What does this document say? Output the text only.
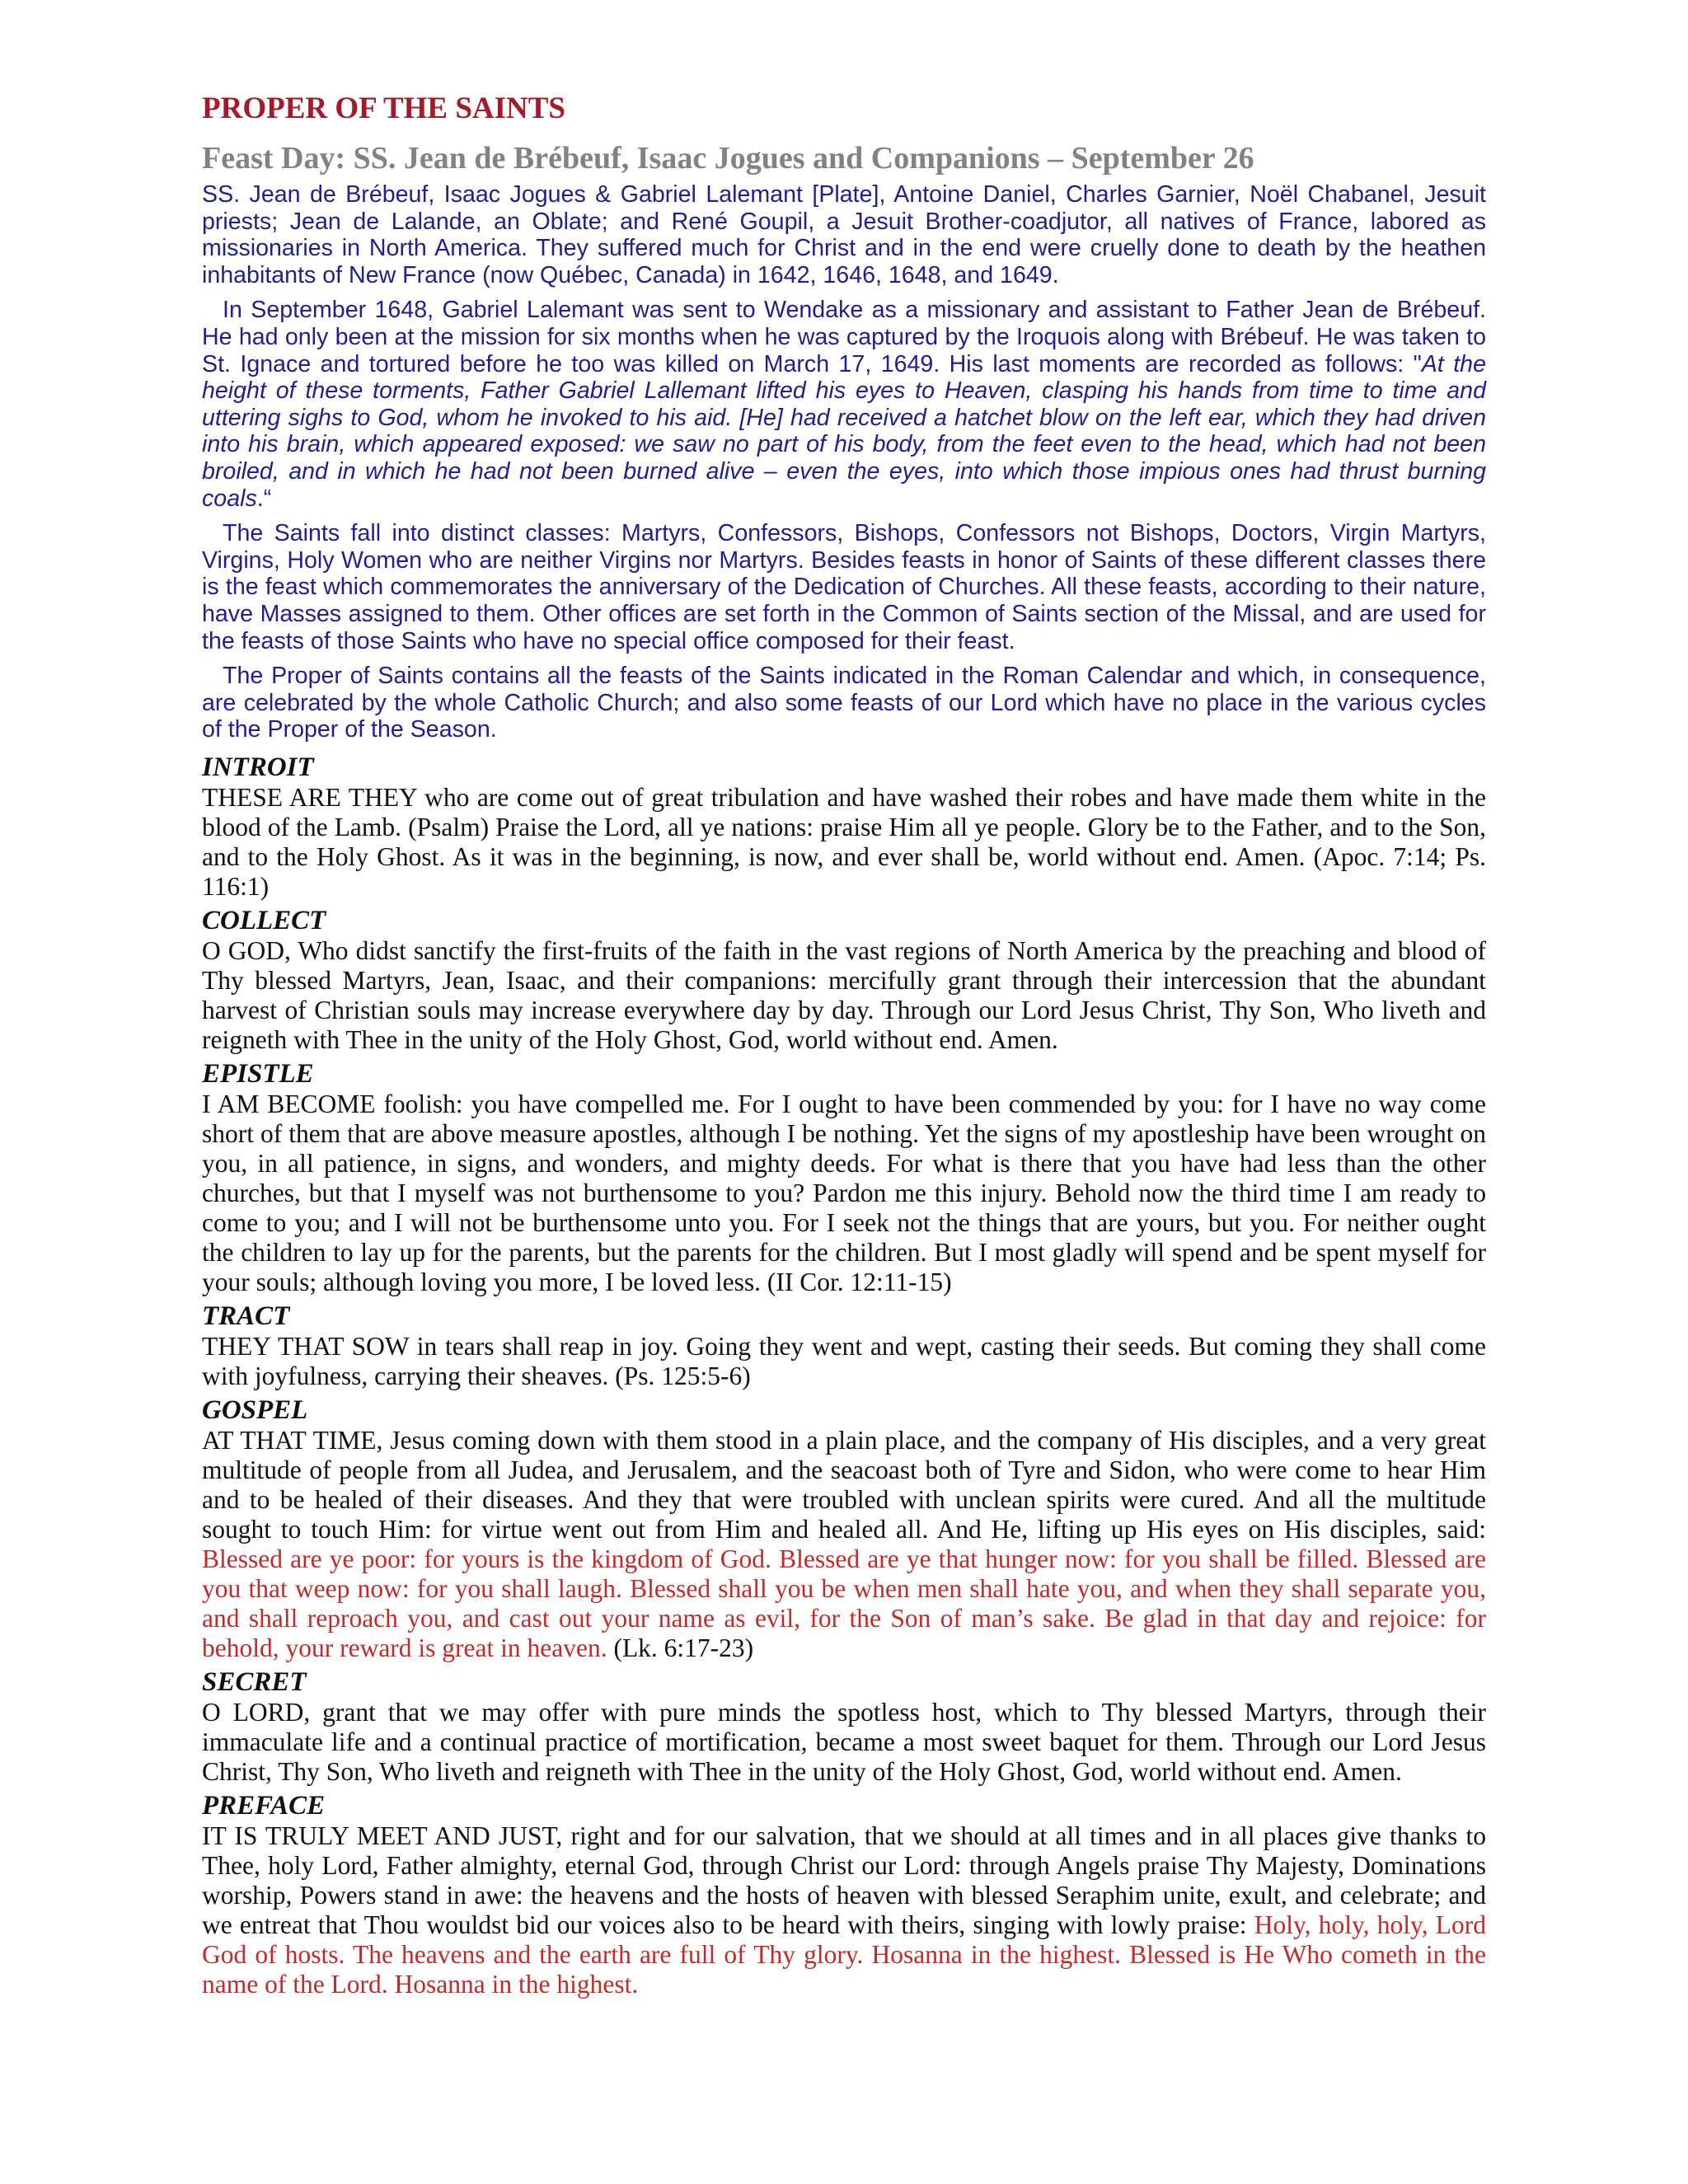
PROPER OF THE SAINTS
Feast Day: SS. Jean de Brébeuf, Isaac Jogues and Companions – September 26

SS. Jean de Brébeuf, Isaac Jogues & Gabriel Lalemant [Plate], Antoine Daniel, Charles Garnier, Noël Chabanel, Jesuit priests; Jean de Lalande, an Oblate; and René Goupil, a Jesuit Brother-coadjutor, all natives of France, labored as missionaries in North America. They suffered much for Christ and in the end were cruelly done to death by the heathen inhabitants of New France (now Québec, Canada) in 1642, 1646, 1648, and 1649.

In September 1648, Gabriel Lalemant was sent to Wendake as a missionary and assistant to Father Jean de Brébeuf. He had only been at the mission for six months when he was captured by the Iroquois along with Brébeuf. He was taken to St. Ignace and tortured before he too was killed on March 17, 1649. His last moments are recorded as follows: "At the height of these torments, Father Gabriel Lallemant lifted his eyes to Heaven, clasping his hands from time to time and uttering sighs to God, whom he invoked to his aid. [He] had received a hatchet blow on the left ear, which they had driven into his brain, which appeared exposed: we saw no part of his body, from the feet even to the head, which had not been broiled, and in which he had not been burned alive – even the eyes, into which those impious ones had thrust burning coals.“

The Saints fall into distinct classes: Martyrs, Confessors, Bishops, Confessors not Bishops, Doctors, Virgin Martyrs, Virgins, Holy Women who are neither Virgins nor Martyrs. Besides feasts in honor of Saints of these different classes there is the feast which commemorates the anniversary of the Dedication of Churches. All these feasts, according to their nature, have Masses assigned to them. Other offices are set forth in the Common of Saints section of the Missal, and are used for the feasts of those Saints who have no special office composed for their feast.

The Proper of Saints contains all the feasts of the Saints indicated in the Roman Calendar and which, in consequence, are celebrated by the whole Catholic Church; and also some feasts of our Lord which have no place in the various cycles of the Proper of the Season.

INTROIT

THESE ARE THEY who are come out of great tribulation and have washed their robes and have made them white in the blood of the Lamb. (Psalm) Praise the Lord, all ye nations: praise Him all ye people. Glory be to the Father, and to the Son, and to the Holy Ghost. As it was in the beginning, is now, and ever shall be, world without end. Amen. (Apoc. 7:14; Ps. 116:1)

COLLECT

O GOD, Who didst sanctify the first-fruits of the faith in the vast regions of North America by the preaching and blood of Thy blessed Martyrs, Jean, Isaac, and their companions: mercifully grant through their intercession that the abundant harvest of Christian souls may increase everywhere day by day. Through our Lord Jesus Christ, Thy Son, Who liveth and reigneth with Thee in the unity of the Holy Ghost, God, world without end. Amen.

EPISTLE

I AM BECOME foolish: you have compelled me. For I ought to have been commended by you: for I have no way come short of them that are above measure apostles, although I be nothing. Yet the signs of my apostleship have been wrought on you, in all patience, in signs, and wonders, and mighty deeds. For what is there that you have had less than the other churches, but that I myself was not burthensome to you? Pardon me this injury. Behold now the third time I am ready to come to you; and I will not be burthensome unto you. For I seek not the things that are yours, but you. For neither ought the children to lay up for the parents, but the parents for the children. But I most gladly will spend and be spent myself for your souls; although loving you more, I be loved less. (II Cor. 12:11-15)

TRACT

THEY THAT SOW in tears shall reap in joy. Going they went and wept, casting their seeds. But coming they shall come with joyfulness, carrying their sheaves. (Ps. 125:5-6)

GOSPEL

AT THAT TIME, Jesus coming down with them stood in a plain place, and the company of His disciples, and a very great multitude of people from all Judea, and Jerusalem, and the seacoast both of Tyre and Sidon, who were come to hear Him and to be healed of their diseases. And they that were troubled with unclean spirits were cured. And all the multitude sought to touch Him: for virtue went out from Him and healed all. And He, lifting up His eyes on His disciples, said: Blessed are ye poor: for yours is the kingdom of God. Blessed are ye that hunger now: for you shall be filled. Blessed are you that weep now: for you shall laugh. Blessed shall you be when men shall hate you, and when they shall separate you, and shall reproach you, and cast out your name as evil, for the Son of man’s sake. Be glad in that day and rejoice: for behold, your reward is great in heaven. (Lk. 6:17-23)

SECRET

O LORD, grant that we may offer with pure minds the spotless host, which to Thy blessed Martyrs, through their immaculate life and a continual practice of mortification, became a most sweet baquet for them. Through our Lord Jesus Christ, Thy Son, Who liveth and reigneth with Thee in the unity of the Holy Ghost, God, world without end. Amen.

PREFACE

IT IS TRULY MEET AND JUST, right and for our salvation, that we should at all times and in all places give thanks to Thee, holy Lord, Father almighty, eternal God, through Christ our Lord: through Angels praise Thy Majesty, Dominations worship, Powers stand in awe: the heavens and the hosts of heaven with blessed Seraphim unite, exult, and celebrate; and we entreat that Thou wouldst bid our voices also to be heard with theirs, singing with lowly praise: Holy, holy, holy, Lord God of hosts. The heavens and the earth are full of Thy glory. Hosanna in the highest. Blessed is He Who cometh in the name of the Lord. Hosanna in the highest.
